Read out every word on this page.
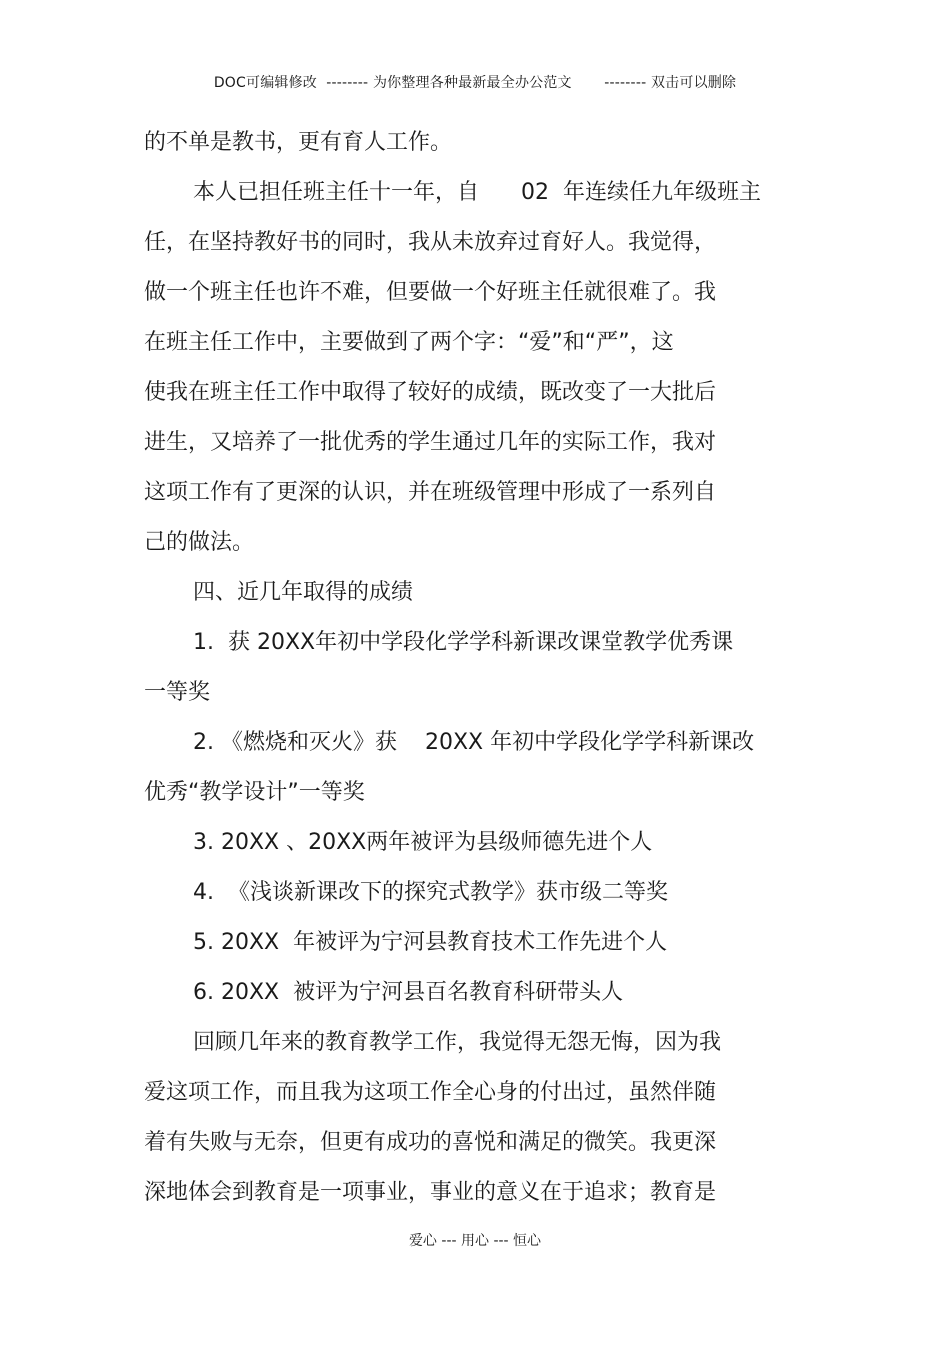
DOC可编辑修改  -------- 为你整理各种最新最全办公范文       -------- 双击可以删除
的不单是教书，更有育人工作。
本人已担任班主任十一年，自      02  年连续任九年级班主
任，在坚持教好书的同时，我从未放弃过育好人。我觉得，
做一个班主任也许不难，但要做一个好班主任就很难了。我
在班主任工作中，主要做到了两个字：“爱”和“严”，这
使我在班主任工作中取得了较好的成绩，既改变了一大批后
进生，又培养了一批优秀的学生通过几年的实际工作，我对
这项工作有了更深的认识，并在班级管理中形成了一系列自
己的做法。
四、近几年取得的成绩
1.  获 20XX年初中学段化学学科新课改课堂教学优秀课
一等奖
2. 《燃烧和灭火》获    20XX 年初中学段化学学科新课改
优秀“教学设计”一等奖
3. 20XX 、20XX两年被评为县级师德先进个人
4.  《浅谈新课改下的探究式教学》获市级二等奖
5. 20XX  年被评为宁河县教育技术工作先进个人
6. 20XX  被评为宁河县百名教育科研带头人
回顾几年来的教育教学工作，我觉得无怨无悔，因为我
爱这项工作，而且我为这项工作全心身的付出过，虽然伴随
着有失败与无奈，但更有成功的喜悦和满足的微笑。我更深
深地体会到教育是一项事业，事业的意义在于追求；教育是
爱心 --- 用心 --- 恒心
